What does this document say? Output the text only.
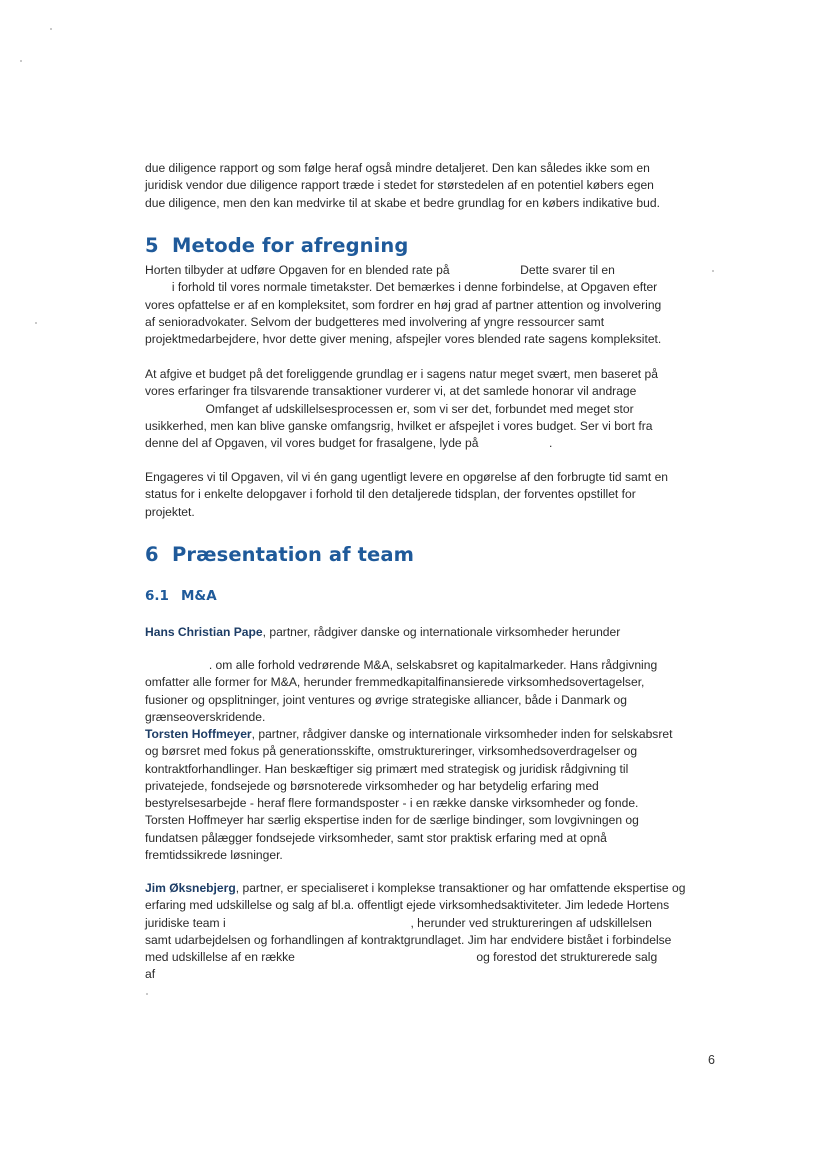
due diligence rapport og som følge heraf også mindre detaljeret. Den kan således ikke som en
juridisk vendor due diligence rapport træde i stedet for størstedelen af en potentiel købers egen
due diligence, men den kan medvirke til at skabe et bedre grundlag for en købers indikative bud.

5 Metode for afregning

Horten tilbyder at udføre Opgaven for en blended rate på                     Dette svarer til en
i forhold til vores normale timetakster. Det bemærkes i denne forbindelse, at Opgaven efter
vores opfattelse er af en kompleksitet, som fordrer en høj grad af partner attention og involvering
af senioradvokater. Selvom der budgetteres med involvering af yngre ressourcer samt
projektmedarbejdere, hvor dette giver mening, afspejler vores blended rate sagens kompleksitet.

At afgive et budget på det foreliggende grundlag er i sagens natur meget svært, men baseret på
vores erfaringer fra tilsvarende transaktioner vurderer vi, at det samlede honorar vil andrage
Omfanget af udskillelsesprocessen er, som vi ser det, forbundet med meget stor
usikkerhed, men kan blive ganske omfangsrig, hvilket er afspejlet i vores budget. Ser vi bort fra
denne del af Opgaven, vil vores budget for frasalgene, lyde på                     .

Engageres vi til Opgaven, vil vi én gang ugentligt levere en opgørelse af den forbrugte tid samt en
status for i enkelte delopgaver i forhold til den detaljerede tidsplan, der forventes opstillet for
projektet.

6 Præsentation af team
6.1 M&A

Hans Christian Pape, partner, rådgiver danske og internationale virksomheder herunder

. om alle forhold vedrørende M&A, selskabsret og kapitalmarkeder. Hans rådgivning
omfatter alle former for M&A, herunder fremmedkapitalfinansierede virksomhedsovertagelser,
fusioner og opsplitninger, joint ventures og øvrige strategiske alliancer, både i Danmark og
grænseoverskridende.

Torsten Hoffmeyer, partner, rådgiver danske og internationale virksomheder inden for selskabsret
og børsret med fokus på generationsskifte, omstruktureringer, virksomhedsoverdragelser og
kontraktforhandlinger. Han beskæftiger sig primært med strategisk og juridisk rådgivning til
privatejede, fondsejede og børsnoterede virksomheder og har betydelig erfaring med
bestyrelsesarbejde - heraf flere formandsposter - i en række danske virksomheder og fonde.
Torsten Hoffmeyer har særlig ekspertise inden for de særlige bindinger, som lovgivningen og
fundatsen pålægger fondsejede virksomheder, samt stor praktisk erfaring med at opnå
fremtidssikrede løsninger.

Jim Øksnebjerg, partner, er specialiseret i komplekse transaktioner og har omfattende ekspertise og
erfaring med udskillelse og salg af bl.a. offentligt ejede virksomhedsaktiviteter. Jim ledede Hortens
juridiske team i                                                       , herunder ved struktureringen af udskillelsen
samt udarbejdelsen og forhandlingen af kontraktgrundlaget. Jim har endvidere bistået i forbindelse
med udskillelse af en række                                                      og forestod det strukturerede salg
af

6
